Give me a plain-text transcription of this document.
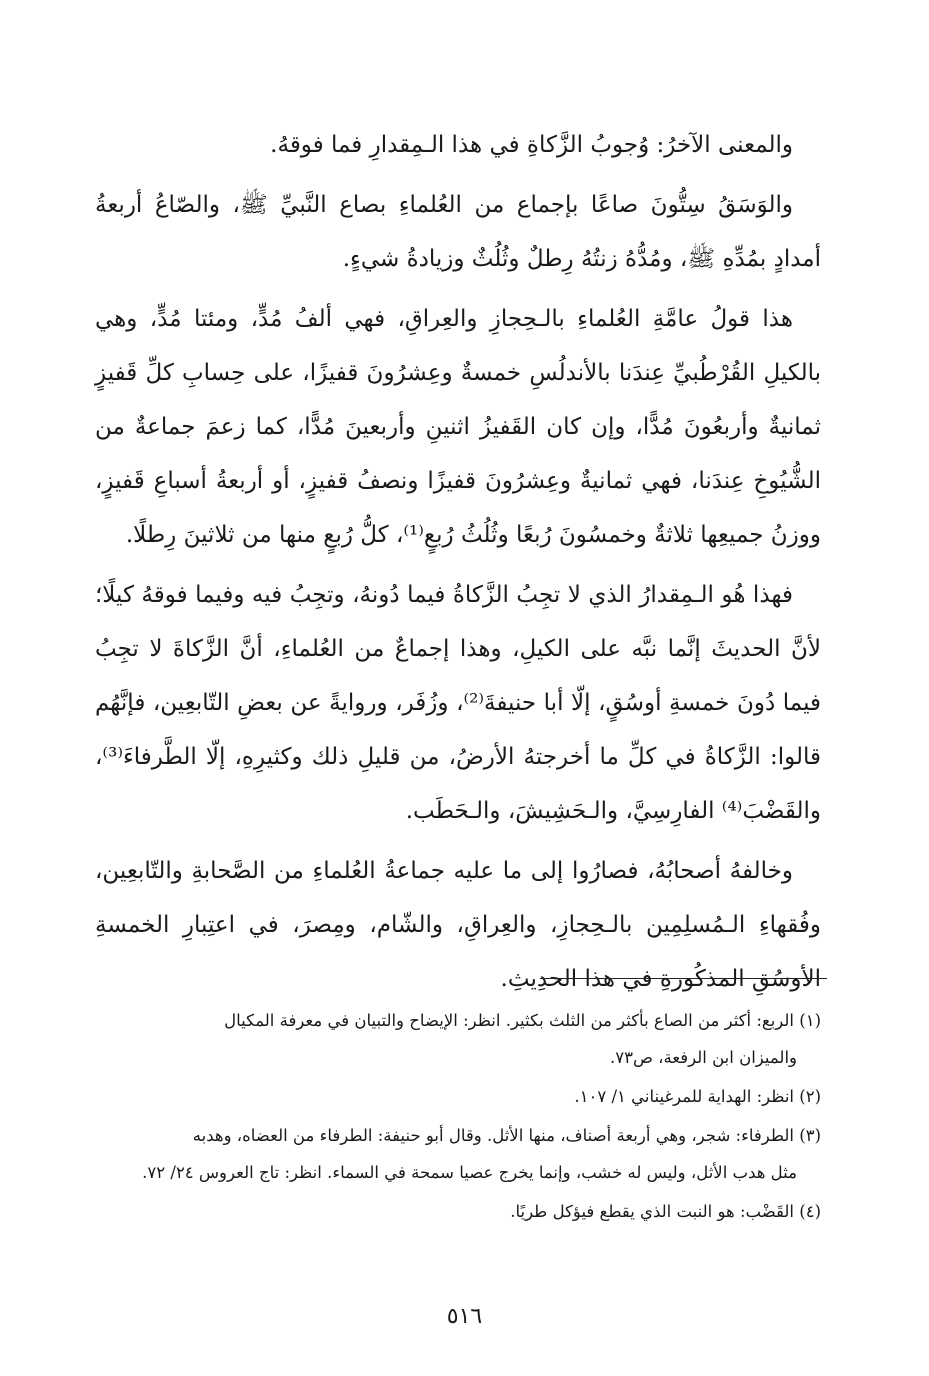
والمعنى الآخرُ: وُجوبُ الزَّكاةِ في هذا الـمِقدارِ فما فوقهُ.

والوَسَقُ سِتُّونَ صاعًا بإجماع من العُلماءِ بصاع النَّبيِّ ﷺ، والصّاعُ أربعةُ أمدادٍ بمُدِّهِ ﷺ، ومُدُّهُ زنتُهُ رِطلٌ وثُلُثٌ وزيادةُ شيءٍ.

هذا قولُ عامَّةِ العُلماءِ بالـحِجازِ والعِراقِ، فهي ألفُ مُدٍّ، ومئتا مُدٍّ، وهي بالكيلِ القُرْطُبيِّ عِندَنا بالأندلُسِ خمسةٌ وعِشرُونَ قفيزًا، على حِسابِ كلِّ قَفيزٍ ثمانيةٌ وأربعُونَ مُدًّا، وإن كان القَفيزُ اثنينِ وأربعينَ مُدًّا، كما زعمَ جماعةٌ من الشُّيُوخِ عِندَنا، فهي ثمانيةٌ وعِشرُونَ قفيزًا ونصفُ قفيزٍ، أو أربعةُ أسباعِ قَفيزٍ، ووزنُ جميعِها ثلاثةٌ وخمسُونَ رُبعًا وثُلُثُ رُبعٍ⁽¹⁾، كلُّ رُبعٍ منها من ثلاثينَ رِطلًا.

فهذا هُو الـمِقدارُ الذي لا تجِبُ الزَّكاةُ فيما دُونهُ، وتجِبُ فيه وفيما فوقهُ كيلًا؛ لأنَّ الحديثَ إنَّما نبَّه على الكيلِ، وهذا إجماعٌ من العُلماءِ، أنَّ الزَّكاةَ لا تجِبُ فيما دُونَ خمسةِ أوسُقٍ، إلّا أبا حنيفةَ⁽²⁾، وزُفَر، وروايةً عن بعضِ التّابعِين، فإنَّهُم قالوا: الزَّكاةُ في كلِّ ما أخرجتهُ الأرضُ، من قليلِ ذلك وكثيرِهِ، إلّا الطَّرفاءَ⁽³⁾، والقَضْبَ⁽⁴⁾ الفارِسِيَّ، والـحَشِيشَ، والـحَطَب.

وخالفهُ أصحابُهُ، فصارُوا إلى ما عليه جماعةُ العُلماءِ من الصَّحابةِ والتّابعِين، وفُقهاءِ الـمُسلِمِين بالـحِجازِ، والعِراقِ، والشّام، ومِصرَ، في اعتِبارِ الخمسةِ الأوسُقِ المذكُورةِ في هذا الحدِيثِ.

(١) الربع: أكثر من الصاع بأكثر من الثلث بكثير. انظر: الإيضاح والتبيان في معرفة المكيال
والميزان ابن الرفعة، ص٧٣.

(٢) انظر: الهداية للمرغيناني ١/ ١٠٧.

(٣) الطرفاء: شجر، وهي أربعة أصناف، منها الأثل. وقال أبو حنيفة: الطرفاء من العضاه، وهدبه
مثل هدب الأثل، وليس له خشب، وإنما يخرج عصيا سمحة في السماء. انظر: تاج العروس ٢٤/ ٧٢.

(٤) القَضْب: هو النبت الذي يقطع فيؤكل طريًا.

٥١٦
